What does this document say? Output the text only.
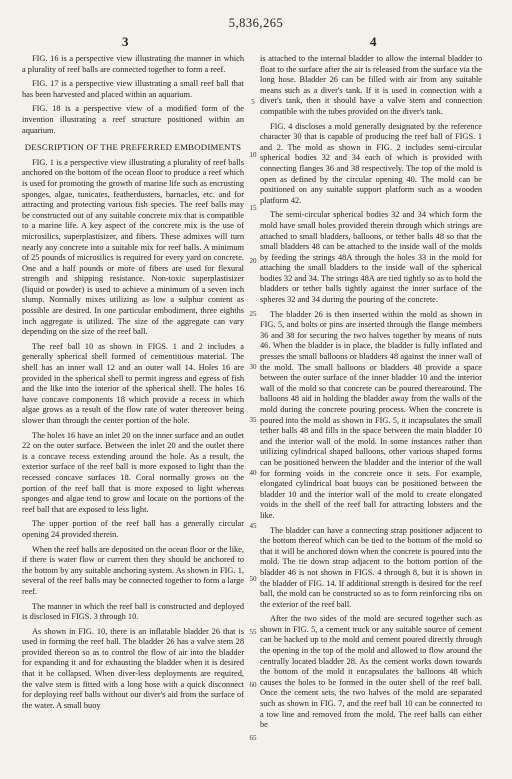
5,836,265
3	4

FIG. 16 is a perspective view illustrating the manner in which a plurality of reef balls are connected together to form a reef.

FIG. 17 is a perspective view illustrating a small reef ball that has been harvested and placed within an aquarium.

FIG. 18 is a perspective view of a modified form of the invention illustrating a reef structure positioned within an aquarium.

DESCRIPTION OF THE PREFERRED EMBODIMENTS

FIG. 1 is a perspective view illustrating a plurality of reef balls anchored on the bottom of the ocean floor to produce a reef which is used for promoting the growth of marine life such as encrusting sponges, algae, tunicates, featherdusters, barnacles, etc. and for attracting and protecting various fish species. The reef balls may be constructed out of any suitable concrete mix that is compatible to a marine life. A key aspect of the concrete mix is the use of microsilics, superplastisizer, and fibers. These admixes will turn nearly any concrete into a suitable mix for reef balls. A minimum of 25 pounds of microsilics is required for every yard on concrete. One and a half pounds or more of fibers are used for flexural strength and shipping resistance. Non-toxic superplastisizer (liquid or powder) is used to achieve a minimum of a seven inch slump. Normally mixes utilizing as low a sulphur content as possible are desired. In one particular embodiment, three eighths inch aggregate is utilized. The size of the aggregate can vary depending on the size of the reef ball.

The reef ball 10 as shown in FIGS. 1 and 2 includes a generally spherical shell formed of cementitious material. The shell has an inner wall 12 and an outer wall 14. Holes 16 are provided in the spherical shell to permit ingress and egress of fish and the like into the interior of the spherical shell. The holes 16 have concave components 18 which provide a recess in which algae grows as a result of the flow rate of water thereover being slower than through the center portion of the hole.

The holes 16 have an inlet 20 on the inner surface and an outlet 22 on the outer surface. Between the inlet 20 and the outlet there is a concave recess extending around the hole. As a result, the exterior surface of the reef ball is more exposed to light than the recessed concave surfaces 18. Coral normally grows on the portion of the reef ball that is more exposed to light whereas sponges and algae tend to grow and locate on the portions of the reef ball that are exposed to less light.

The upper portion of the reef ball has a generally circular opening 24 provided therein.

When the reef balls are deposited on the ocean floor or the like, if there is water flow or current then they should be anchored to the bottom by any suitable anchoring system. As shown in FIG. 1, several of the reef balls may be connected together to form a large reef.

The manner in which the reef ball is constructed and deployed is disclosed in FIGS. 3 through 10.

As shown in FIG. 10, there is an inflatable bladder 26 that is used in forming the reef ball. The bladder 26 has a valve stem 28 provided thereon so as to control the flow of air into the bladder for expanding it and for exhausting the bladder when it is desired that it be collapsed. When diver-less deployments are required, the valve stem is fitted with a long hose with a quick disconnect for deploying reef balls without our diver's aid from the surface of the water. A small buoy

5
10
15
20
25
30
35
40
45
50
55
60
65

is attached to the internal bladder to allow the internal bladder to float to the surface after the air is released from the surface via the long hose. Bladder 26 can be filled with air from any suitable means such as a diver's tank. If it is used in connection with a diver's tank, then it should have a valve stem and connection compatible with the tubes provided on the diver's tank.

FIG. 4 discloses a mold generally designated by the reference character 30 that is capable of producing the reef ball of FIGS. 1 and 2. The mold as shown in FIG. 2 includes semi-circular spherical bodies 32 and 34 each of which is provided with connecting flanges 36 and 38 respectively. The top of the mold is open as defined by the circular opening 40. The mold can be positioned on any suitable support platform such as a wooden platform 42.

The semi-circular spherical bodies 32 and 34 which form the mold have small holes provided therein through which strings are attached to small bladders, balloons, or tether balls 48 so that the small bladders 48 can be attached to the inside wall of the molds by feeding the strings 48A through the holes 33 in the mold for attaching the small bladders to the inside wall of the spherical bodies 32 and 34. The strings 48A are tied tightly so as to hold the bladders or tether balls tightly against the inner surface of the spheres 32 and 34 during the pouring of the concrete.

The bladder 26 is then inserted within the mold as shown in FIG. 5, and bolts or pins are inserted through the flange members 36 and 38 for securing the two halves together by means of nuts 46. When the bladder is in place, the bladder is fully inflated and presses the small balloons or bladders 48 against the inner wall of the mold. The small balloons or bladders 48 provide a space between the outer surface of the inner bladder 10 and the interior wall of the mold so that concrete can be poured therearound. The balloons 48 aid in holding the bladder away from the walls of the mold during the concrete pouring process. When the concrete is poured into the mold as shown in FIG. 5, it incapsulates the small tether balls 48 and fills in the space between the main bladder 10 and the interior wall of the mold. In some instances rather than utilizing cylindrical shaped balloons, other various shaped forms can be positioned between the bladder and the interior of the wall for forming voids in the concrete once it sets. For example, elongated cylindrical boat buoys can be positioned between the bladder 10 and the interior wall of the mold to create elongated voids in the shell of the reef ball for attracting lobsters and the like.

The bladder can have a connecting strap positioner adjacent to the bottom thereof which can be tied to the bottom of the mold so that it will be anchored down when the concrete is poured into the mold. The tie down strap adjacent to the bottom portion of the bladder 46 is not shown in FIGS. 4 through 8, but it is shown in the bladder of FIG. 14. If additional strength is desired for the reef ball, the mold can be constructed so as to form reinforcing ribs on the exterior of the reef ball.

After the two sides of the mold are secured together such as shown in FIG. 5, a cement truck or any suitable source of cement can be backed up to the mold and cement poured directly through the opening in the top of the mold and allowed to flow around the centrally located bladder 28. As the cement works down towards the bottom of the mold it encapsulates the balloons 48 which causes the holes to be formed in the outer shell of the reef ball. Once the cement sets, the two halves of the mold are separated such as shown in FIG. 7, and the reef ball 10 can be connected to a tow line and removed from the mold. The reef balls can either be
